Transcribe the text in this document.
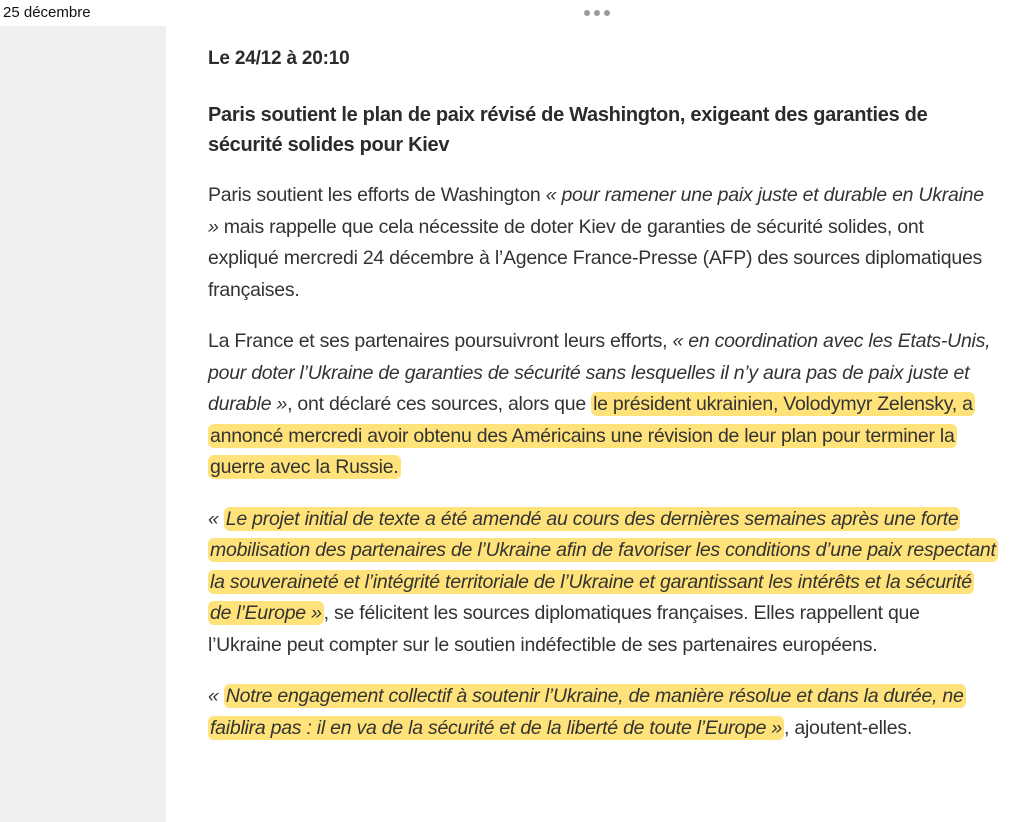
25 décembre
Le 24/12 à 20:10
Paris soutient le plan de paix révisé de Washington, exigeant des garanties de sécurité solides pour Kiev

Paris soutient les efforts de Washington « pour ramener une paix juste et durable en Ukraine » mais rappelle que cela nécessite de doter Kiev de garanties de sécurité solides, ont expliqué mercredi 24 décembre à l’Agence France-Presse (AFP) des sources diplomatiques françaises.

La France et ses partenaires poursuivront leurs efforts, « en coordination avec les Etats-Unis, pour doter l’Ukraine de garanties de sécurité sans lesquelles il n’y aura pas de paix juste et durable », ont déclaré ces sources, alors que le président ukrainien, Volodymyr Zelensky, a annoncé mercredi avoir obtenu des Américains une révision de leur plan pour terminer la guerre avec la Russie.

« Le projet initial de texte a été amendé au cours des dernières semaines après une forte mobilisation des partenaires de l’Ukraine afin de favoriser les conditions d’une paix respectant la souveraineté et l’intégrité territoriale de l’Ukraine et garantissant les intérêts et la sécurité de l’Europe » , se félicitent les sources diplomatiques françaises. Elles rappellent que l’Ukraine peut compter sur le soutien indéfectible de ses partenaires européens.

« Notre engagement collectif à soutenir l’Ukraine, de manière résolue et dans la durée, ne faiblira pas : il en va de la sécurité et de la liberté de toute l’Europe » , ajoutent-elles.
